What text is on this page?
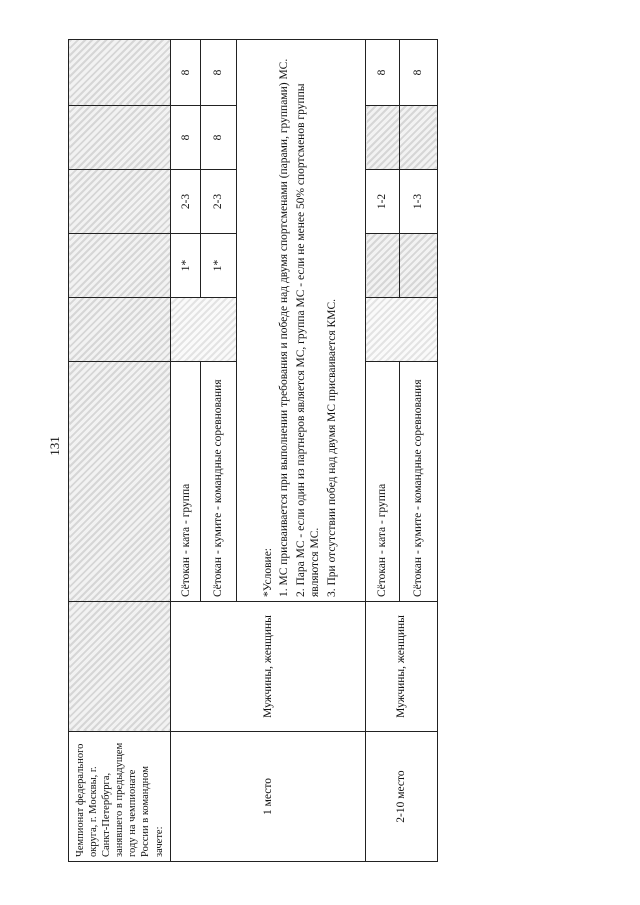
131
Чемпионат федерального округа, г. Москвы, г. Санкт-Петербурга, занявшего в предыдущем году на чемпионате России в командном зачете:							
1 место	Мужчины, женщины	Сётокан - ката - группа		1*	2-3	8	8
		Сётокан - кумите - командные соревнования		1*	2-3	8	8

		*Условие: 1. МС присваивается при выполнении требования и победе над двумя спортсменами (парами, группами) МС. 2. Пара МС - если один из партнеров является МС, группа МС - если не менее 50% спортсменов группы являются МС. 3. При отсутствии побед над двумя МС присваивается КМС.					

2-10 место	Мужчины, женщины	Сётокан - ката - группа			1-2		8
		Сётокан - кумите - командные соревнования			1-3		8
